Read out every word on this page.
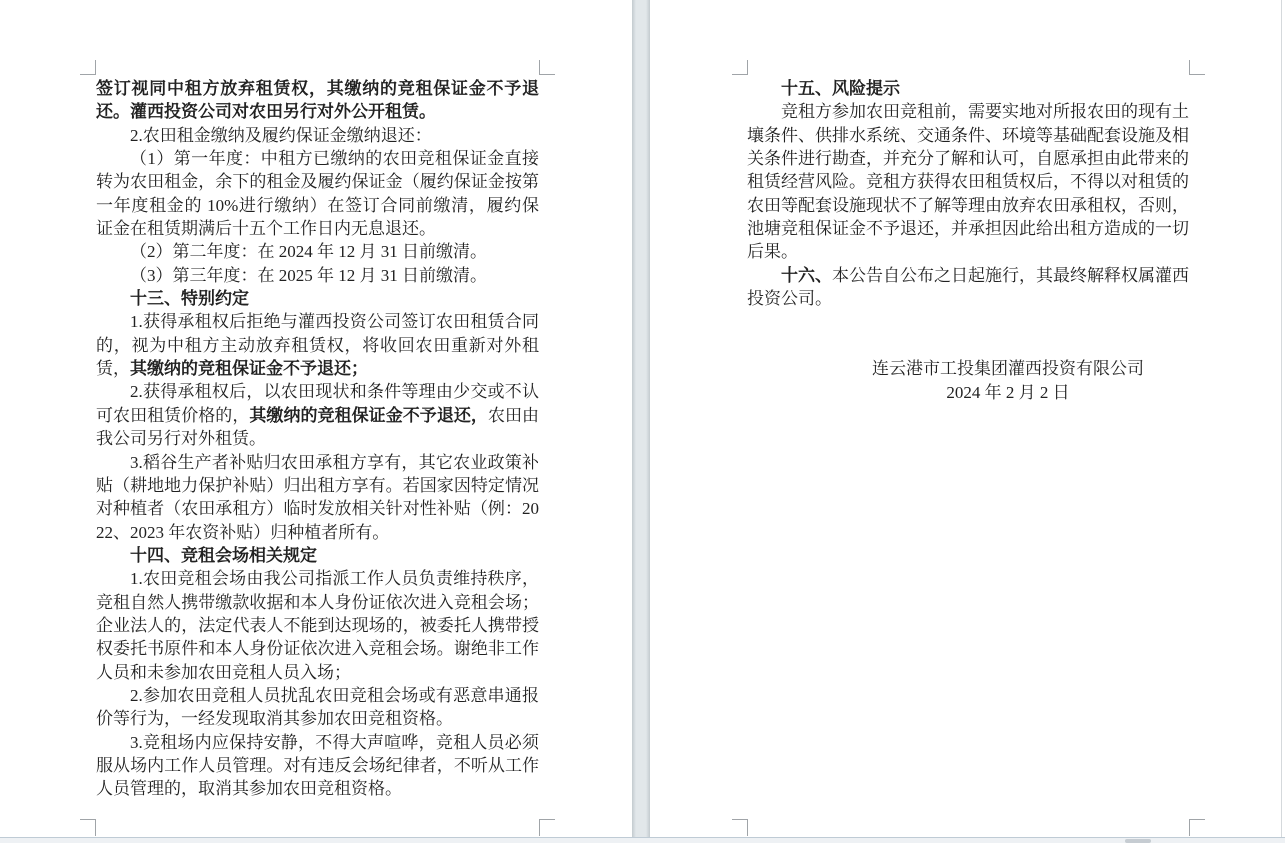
签订视同中租方放弃租赁权，其缴纳的竞租保证金不予退还。灌西投资公司对农田另行对外公开租赁。

2.农田租金缴纳及履约保证金缴纳退还：

（1）第一年度：中租方已缴纳的农田竞租保证金直接转为农田租金，余下的租金及履约保证金（履约保证金按第一年度租金的 10%进行缴纳）在签订合同前缴清，履约保证金在租赁期满后十五个工作日内无息退还。

（2）第二年度：在 2024 年 12 月 31 日前缴清。

（3）第三年度：在 2025 年 12 月 31 日前缴清。

十三、特别约定

1.获得承租权后拒绝与灌西投资公司签订农田租赁合同的，视为中租方主动放弃租赁权，将收回农田重新对外租赁，其缴纳的竞租保证金不予退还；

2.获得承租权后，以农田现状和条件等理由少交或不认可农田租赁价格的，其缴纳的竞租保证金不予退还，农田由我公司另行对外租赁。

3.稻谷生产者补贴归农田承租方享有，其它农业政策补贴（耕地地力保护补贴）归出租方享有。若国家因特定情况对种植者（农田承租方）临时发放相关针对性补贴（例：2022、2023 年农资补贴）归种植者所有。

十四、竞租会场相关规定

1.农田竞租会场由我公司指派工作人员负责维持秩序，竞租自然人携带缴款收据和本人身份证依次进入竞租会场；企业法人的，法定代表人不能到达现场的，被委托人携带授权委托书原件和本人身份证依次进入竞租会场。谢绝非工作人员和未参加农田竞租人员入场；

2.参加农田竞租人员扰乱农田竞租会场或有恶意串通报价等行为，一经发现取消其参加农田竞租资格。

3.竞租场内应保持安静，不得大声喧哗，竞租人员必须服从场内工作人员管理。对有违反会场纪律者，不听从工作人员管理的，取消其参加农田竞租资格。

十五、风险提示

竞租方参加农田竞租前，需要实地对所报农田的现有土壤条件、供排水系统、交通条件、环境等基础配套设施及相关条件进行勘查，并充分了解和认可，自愿承担由此带来的租赁经营风险。竞租方获得农田租赁权后，不得以对租赁的农田等配套设施现状不了解等理由放弃农田承租权，否则，池塘竞租保证金不予退还，并承担因此给出租方造成的一切后果。

十六、本公告自公布之日起施行，其最终解释权属灌西投资公司。

连云港市工投集团灌西投资有限公司
2024 年 2 月 2 日
